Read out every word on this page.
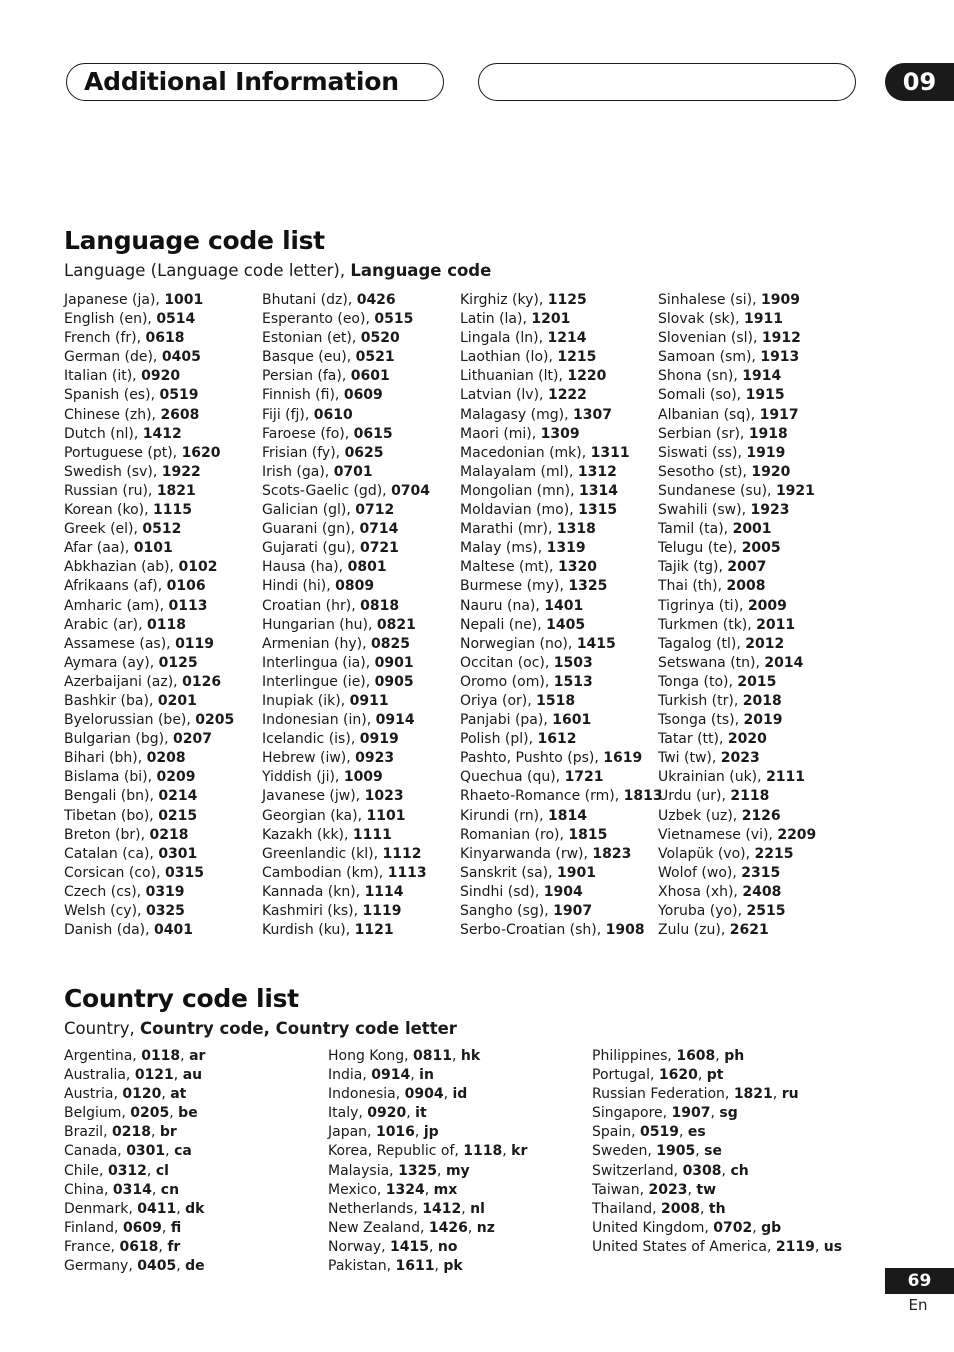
Additional Information	09
Language code list
Language (Language code letter), Language code
Japanese (ja), 1001
English (en), 0514
French (fr), 0618
German (de), 0405
Italian (it), 0920
Spanish (es), 0519
Chinese (zh), 2608
Dutch (nl), 1412
Portuguese (pt), 1620
Swedish (sv), 1922
Russian (ru), 1821
Korean (ko), 1115
Greek (el), 0512
Afar (aa), 0101
Abkhazian (ab), 0102
Afrikaans (af), 0106
Amharic (am), 0113
Arabic (ar), 0118
Assamese (as), 0119
Aymara (ay), 0125
Azerbaijani (az), 0126
Bashkir (ba), 0201
Byelorussian (be), 0205
Bulgarian (bg), 0207
Bihari (bh), 0208
Bislama (bi), 0209
Bengali (bn), 0214
Tibetan (bo), 0215
Breton (br), 0218
Catalan (ca), 0301
Corsican (co), 0315
Czech (cs), 0319
Welsh (cy), 0325
Danish (da), 0401
Bhutani (dz), 0426
Esperanto (eo), 0515
Estonian (et), 0520
Basque (eu), 0521
Persian (fa), 0601
Finnish (fi), 0609
Fiji (fj), 0610
Faroese (fo), 0615
Frisian (fy), 0625
Irish (ga), 0701
Scots-Gaelic (gd), 0704
Galician (gl), 0712
Guarani (gn), 0714
Gujarati (gu), 0721
Hausa (ha), 0801
Hindi (hi), 0809
Croatian (hr), 0818
Hungarian (hu), 0821
Armenian (hy), 0825
Interlingua (ia), 0901
Interlingue (ie), 0905
Inupiak (ik), 0911
Indonesian (in), 0914
Icelandic (is), 0919
Hebrew (iw), 0923
Yiddish (ji), 1009
Javanese (jw), 1023
Georgian (ka), 1101
Kazakh (kk), 1111
Greenlandic (kl), 1112
Cambodian (km), 1113
Kannada (kn), 1114
Kashmiri (ks), 1119
Kurdish (ku), 1121
Kirghiz (ky), 1125
Latin (la), 1201
Lingala (ln), 1214
Laothian (lo), 1215
Lithuanian (lt), 1220
Latvian (lv), 1222
Malagasy (mg), 1307
Maori (mi), 1309
Macedonian (mk), 1311
Malayalam (ml), 1312
Mongolian (mn), 1314
Moldavian (mo), 1315
Marathi (mr), 1318
Malay (ms), 1319
Maltese (mt), 1320
Burmese (my), 1325
Nauru (na), 1401
Nepali (ne), 1405
Norwegian (no), 1415
Occitan (oc), 1503
Oromo (om), 1513
Oriya (or), 1518
Panjabi (pa), 1601
Polish (pl), 1612
Pashto, Pushto (ps), 1619
Quechua (qu), 1721
Rhaeto-Romance (rm), 1813
Kirundi (rn), 1814
Romanian (ro), 1815
Kinyarwanda (rw), 1823
Sanskrit (sa), 1901
Sindhi (sd), 1904
Sangho (sg), 1907
Serbo-Croatian (sh), 1908
Sinhalese (si), 1909
Slovak (sk), 1911
Slovenian (sl), 1912
Samoan (sm), 1913
Shona (sn), 1914
Somali (so), 1915
Albanian (sq), 1917
Serbian (sr), 1918
Siswati (ss), 1919
Sesotho (st), 1920
Sundanese (su), 1921
Swahili (sw), 1923
Tamil (ta), 2001
Telugu (te), 2005
Tajik (tg), 2007
Thai (th), 2008
Tigrinya (ti), 2009
Turkmen (tk), 2011
Tagalog (tl), 2012
Setswana (tn), 2014
Tonga (to), 2015
Turkish (tr), 2018
Tsonga (ts), 2019
Tatar (tt), 2020
Twi (tw), 2023
Ukrainian (uk), 2111
Urdu (ur), 2118
Uzbek (uz), 2126
Vietnamese (vi), 2209
Volapük (vo), 2215
Wolof (wo), 2315
Xhosa (xh), 2408
Yoruba (yo), 2515
Zulu (zu), 2621
Country code list
Country, Country code, Country code letter
Argentina, 0118, ar
Australia, 0121, au
Austria, 0120, at
Belgium, 0205, be
Brazil, 0218, br
Canada, 0301, ca
Chile, 0312, cl
China, 0314, cn
Denmark, 0411, dk
Finland, 0609, fi
France, 0618, fr
Germany, 0405, de
Hong Kong, 0811, hk
India, 0914, in
Indonesia, 0904, id
Italy, 0920, it
Japan, 1016, jp
Korea, Republic of, 1118, kr
Malaysia, 1325, my
Mexico, 1324, mx
Netherlands, 1412, nl
New Zealand, 1426, nz
Norway, 1415, no
Pakistan, 1611, pk
Philippines, 1608, ph
Portugal, 1620, pt
Russian Federation, 1821, ru
Singapore, 1907, sg
Spain, 0519, es
Sweden, 1905, se
Switzerland, 0308, ch
Taiwan, 2023, tw
Thailand, 2008, th
United Kingdom, 0702, gb
United States of America, 2119, us
69
En
